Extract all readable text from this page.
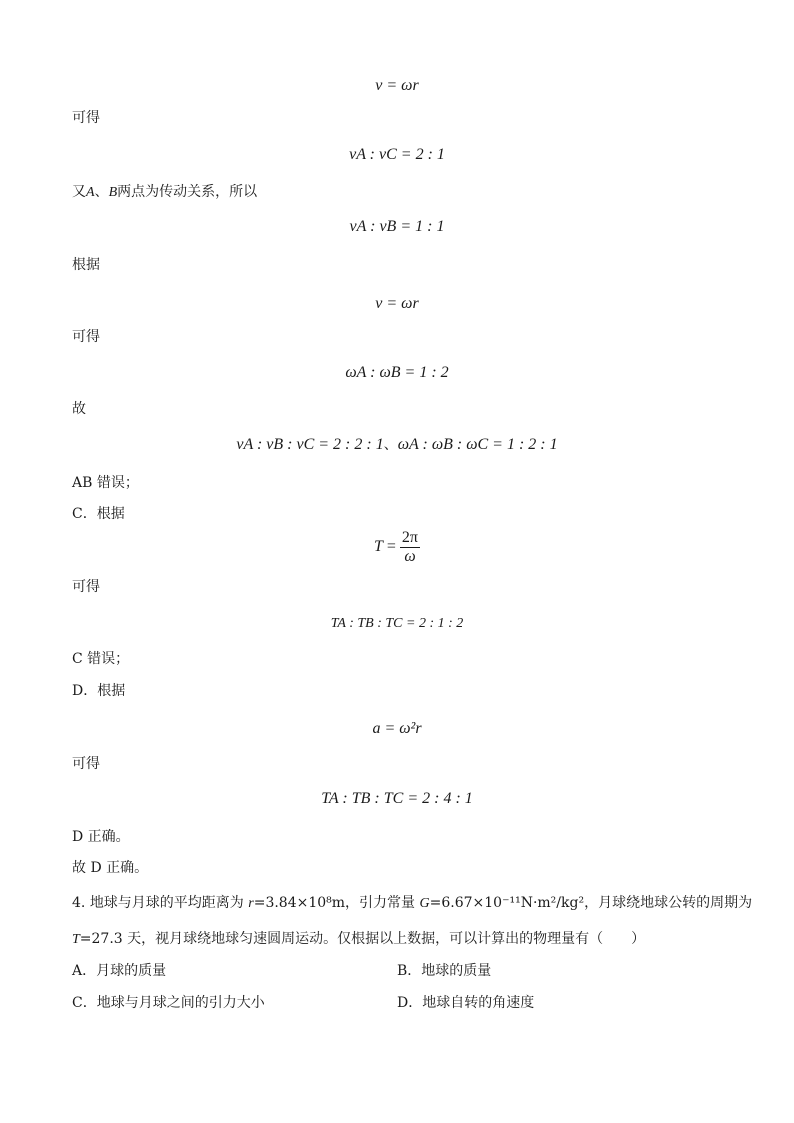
v = ωr
可得
vA : vC = 2 : 1
又A、B两点为传动关系，所以
vA : vB = 1 : 1
根据
v = ωr
可得
ωA : ωB = 1 : 2
故
vA : vB : vC = 2 : 2 : 1、ωA : ωB : ωC = 1 : 2 : 1
AB 错误；
C．根据
$T = \frac{2\pi}{\omega}$
可得
TA : TB : TC = 2 : 1 : 2
C 错误；
D．根据
a = ω²r
可得
TA : TB : TC = 2 : 4 : 1
D 正确。
故 D 正确。
4. 地球与月球的平均距离为 r=3.84×10⁸m，引力常量 G=6.67×10⁻¹¹N·m²/kg²，月球绕地球公转的周期为
T=27.3 天，视月球绕地球匀速圆周运动。仅根据以上数据，可以计算出的物理量有（　　）
A．月球的质量	B．地球的质量
C．地球与月球之间的引力大小	D．地球自转的角速度
